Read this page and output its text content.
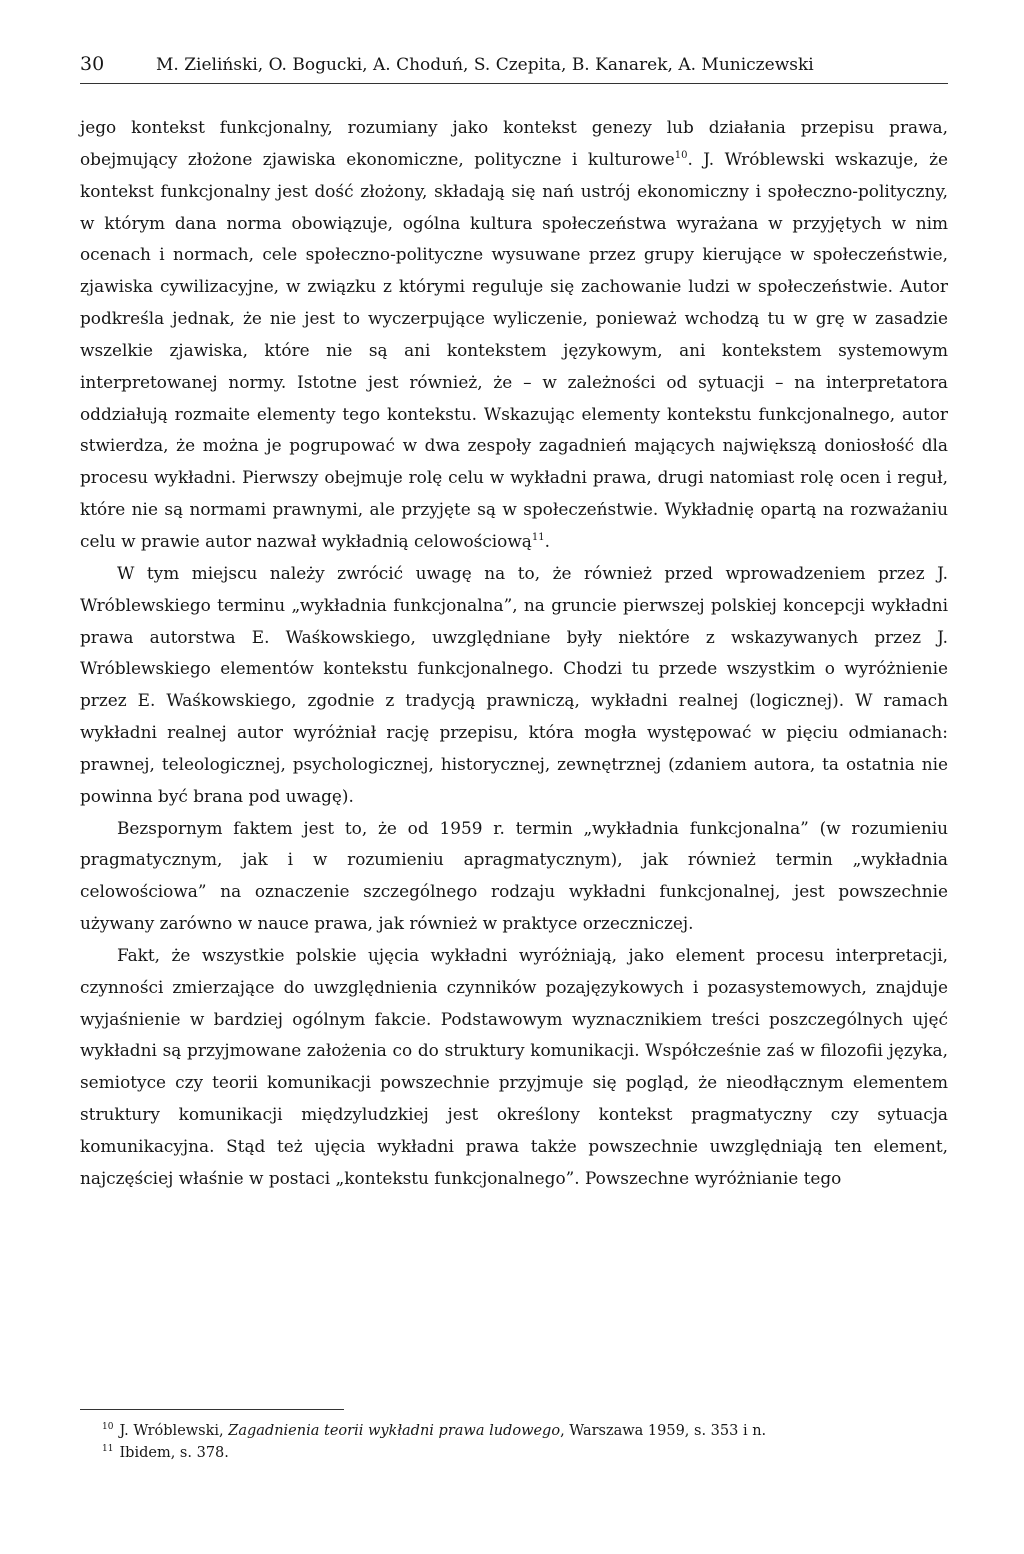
30	M. Zieliński, O. Bogucki, A. Choduń, S. Czepita, B. Kanarek, A. Municzewski

jego kontekst funkcjonalny, rozumiany jako kontekst genezy lub działania przepisu prawa, obejmujący złożone zjawiska ekonomiczne, polityczne i kulturowe$^{10}$. J. Wróblewski wskazuje, że kontekst funkcjonalny jest dość złożony, składają się nań ustrój ekonomiczny i społeczno-polityczny, w którym dana norma obowiązuje, ogólna kultura społeczeństwa wyrażana w przyjętych w nim ocenach i normach, cele społeczno-polityczne wysuwane przez grupy kierujące w społeczeństwie, zjawiska cywilizacyjne, w związku z którymi reguluje się zachowanie ludzi w społeczeństwie. Autor podkreśla jednak, że nie jest to wyczerpujące wyliczenie, ponieważ wchodzą tu w grę w zasadzie wszelkie zjawiska, które nie są ani kontekstem językowym, ani kontekstem systemowym interpretowanej normy. Istotne jest również, że – w zależności od sytuacji – na interpretatora oddziałują rozmaite elementy tego kontekstu. Wskazując elementy kontekstu funkcjonalnego, autor stwierdza, że można je pogrupować w dwa zespoły zagadnień mających największą doniosłość dla procesu wykładni. Pierwszy obejmuje rolę celu w wykładni prawa, drugi natomiast rolę ocen i reguł, które nie są normami prawnymi, ale przyjęte są w społeczeństwie. Wykładnię opartą na rozważaniu celu w prawie autor nazwał wykładnią celowościową$^{11}$.

W tym miejscu należy zwrócić uwagę na to, że również przed wprowadzeniem przez J. Wróblewskiego terminu „wykładnia funkcjonalna”, na gruncie pierwszej polskiej koncepcji wykładni prawa autorstwa E. Waśkowskiego, uwzględniane były niektóre z wskazywanych przez J. Wróblewskiego elementów kontekstu funkcjonalnego. Chodzi tu przede wszystkim o wyróżnienie przez E. Waśkowskiego, zgodnie z tradycją prawniczą, wykładni realnej (logicznej). W ramach wykładni realnej autor wyróżniał rację przepisu, która mogła występować w pięciu odmianach: prawnej, teleologicznej, psychologicznej, historycznej, zewnętrznej (zdaniem autora, ta ostatnia nie powinna być brana pod uwagę).

Bezspornym faktem jest to, że od 1959 r. termin „wykładnia funkcjonalna” (w rozumieniu pragmatycznym, jak i w rozumieniu apragmatycznym), jak również termin „wykładnia celowościowa” na oznaczenie szczególnego rodzaju wykładni funkcjonalnej, jest powszechnie używany zarówno w nauce prawa, jak również w praktyce orzeczniczej.

Fakt, że wszystkie polskie ujęcia wykładni wyróżniają, jako element procesu interpretacji, czynności zmierzające do uwzględnienia czynników pozajęzykowych i pozasystemowych, znajduje wyjaśnienie w bardziej ogólnym fakcie. Podstawowym wyznacznikiem treści poszczególnych ujęć wykładni są przyjmowane założenia co do struktury komunikacji. Współcześnie zaś w filozofii języka, semiotyce czy teorii komunikacji powszechnie przyjmuje się pogląd, że nieodłącznym elementem struktury komunikacji międzyludzkiej jest określony kontekst pragmatyczny czy sytuacja komunikacyjna. Stąd też ujęcia wykładni prawa także powszechnie uwzględniają ten element, najczęściej właśnie w postaci „kontekstu funkcjonalnego”. Powszechne wyróżnianie tego

$^{10}$ J. Wróblewski, Zagadnienia teorii wykładni prawa ludowego, Warszawa 1959, s. 353 i n.

$^{11}$ Ibidem, s. 378.
